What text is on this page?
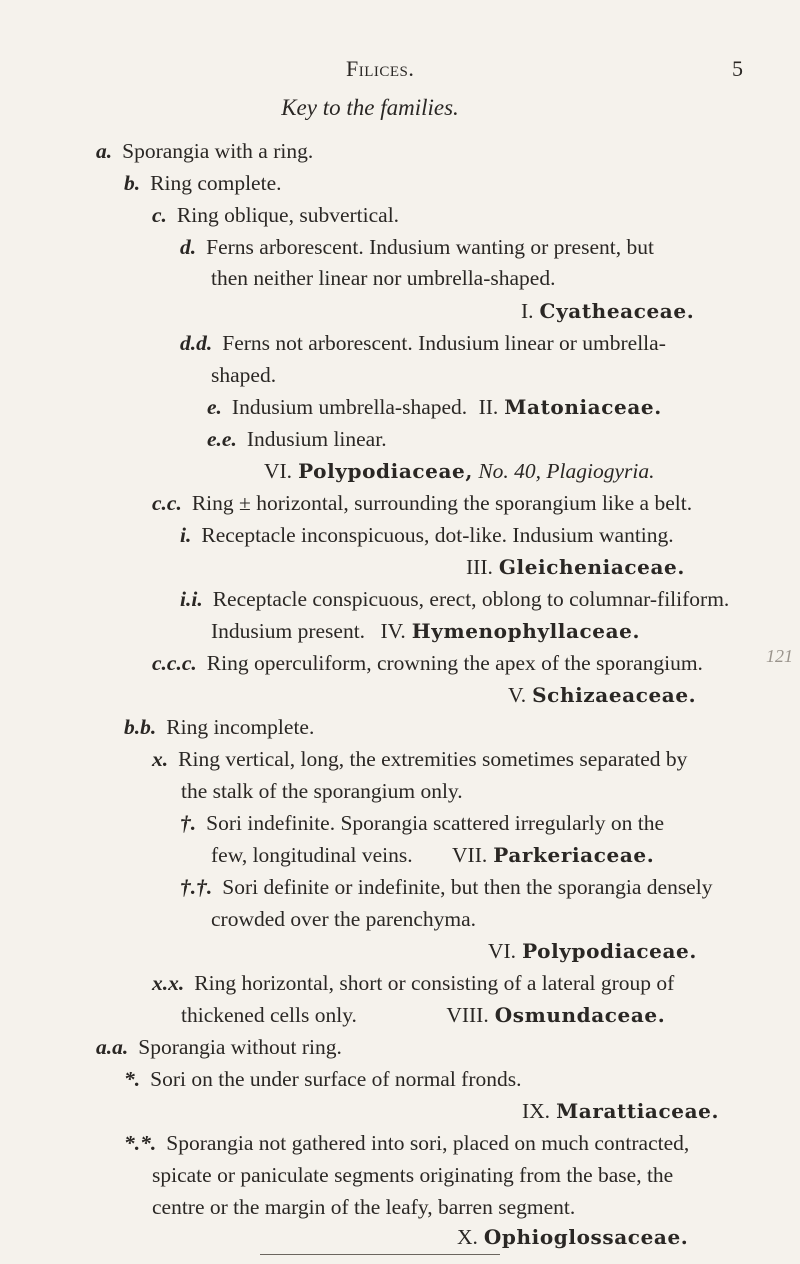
Filices.	5
Key to the families.
a. Sporangia with a ring.
b. Ring complete.
c. Ring oblique, subvertical.
d. Ferns arborescent. Indusium wanting or present, but
then neither linear nor umbrella-shaped.
I. Cyatheaceae.
d.d. Ferns not arborescent. Indusium linear or umbrella-
shaped.
e. Indusium umbrella-shaped. II. Matoniaceae.
e.e. Indusium linear.
VI. Polypodiaceae, No. 40, Plagiogyria.
121
c.c. Ring ± horizontal, surrounding the sporangium like a belt.
i. Receptacle inconspicuous, dot-like. Indusium wanting.
III. Gleicheniaceae.
i.i. Receptacle conspicuous, erect, oblong to columnar-filiform.
Indusium present. IV. Hymenophyllaceae.
c.c.c. Ring operculiform, crowning the apex of the sporangium.
V. Schizaeaceae.
b.b. Ring incomplete.
x. Ring vertical, long, the extremities sometimes separated by
the stalk of the sporangium only.
†. Sori indefinite. Sporangia scattered irregularly on the
few, longitudinal veins. VII. Parkeriaceae.
†.†. Sori definite or indefinite, but then the sporangia densely
crowded over the parenchyma.
VI. Polypodiaceae.
x.x. Ring horizontal, short or consisting of a lateral group of
thickened cells only.	VIII. Osmundaceae.
a.a. Sporangia without ring.
*. Sori on the under surface of normal fronds.
IX. Marattiaceae.
*.*. Sporangia not gathered into sori, placed on much contracted,
spicate or paniculate segments originating from the base, the
centre or the margin of the leafy, barren segment.
X. Ophioglossaceae.
